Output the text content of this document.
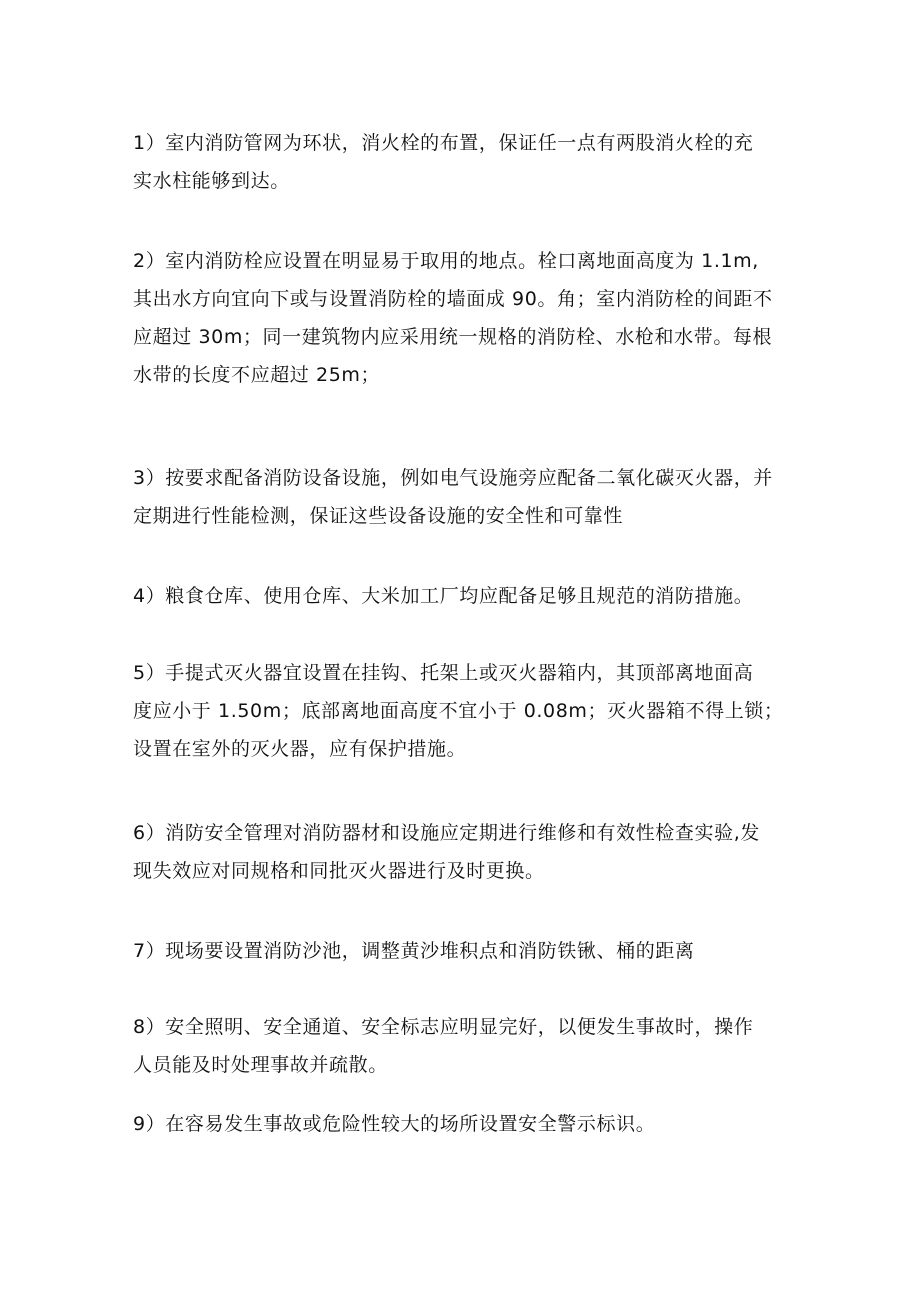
1）室内消防管网为环状，消火栓的布置，保证任一点有两股消火栓的充
实水柱能够到达。
2）室内消防栓应设置在明显易于取用的地点。栓口离地面高度为 1.1m,
其出水方向宜向下或与设置消防栓的墙面成 90。角；室内消防栓的间距不
应超过 30m；同一建筑物内应采用统一规格的消防栓、水枪和水带。每根
水带的长度不应超过 25m；
3）按要求配备消防设备设施，例如电气设施旁应配备二氧化碳灭火器，并
定期进行性能检测，保证这些设备设施的安全性和可靠性
4）粮食仓库、使用仓库、大米加工厂均应配备足够且规范的消防措施。
5）手提式灭火器宜设置在挂钩、托架上或灭火器箱内，其顶部离地面高
度应小于 1.50m；底部离地面高度不宜小于 0.08m；灭火器箱不得上锁；
设置在室外的灭火器，应有保护措施。
6）消防安全管理对消防器材和设施应定期进行维修和有效性检查实验,发
现失效应对同规格和同批灭火器进行及时更换。
7）现场要设置消防沙池，调整黄沙堆积点和消防铁锹、桶的距离
8）安全照明、安全通道、安全标志应明显完好，以便发生事故时，操作
人员能及时处理事故并疏散。
9）在容易发生事故或危险性较大的场所设置安全警示标识。
